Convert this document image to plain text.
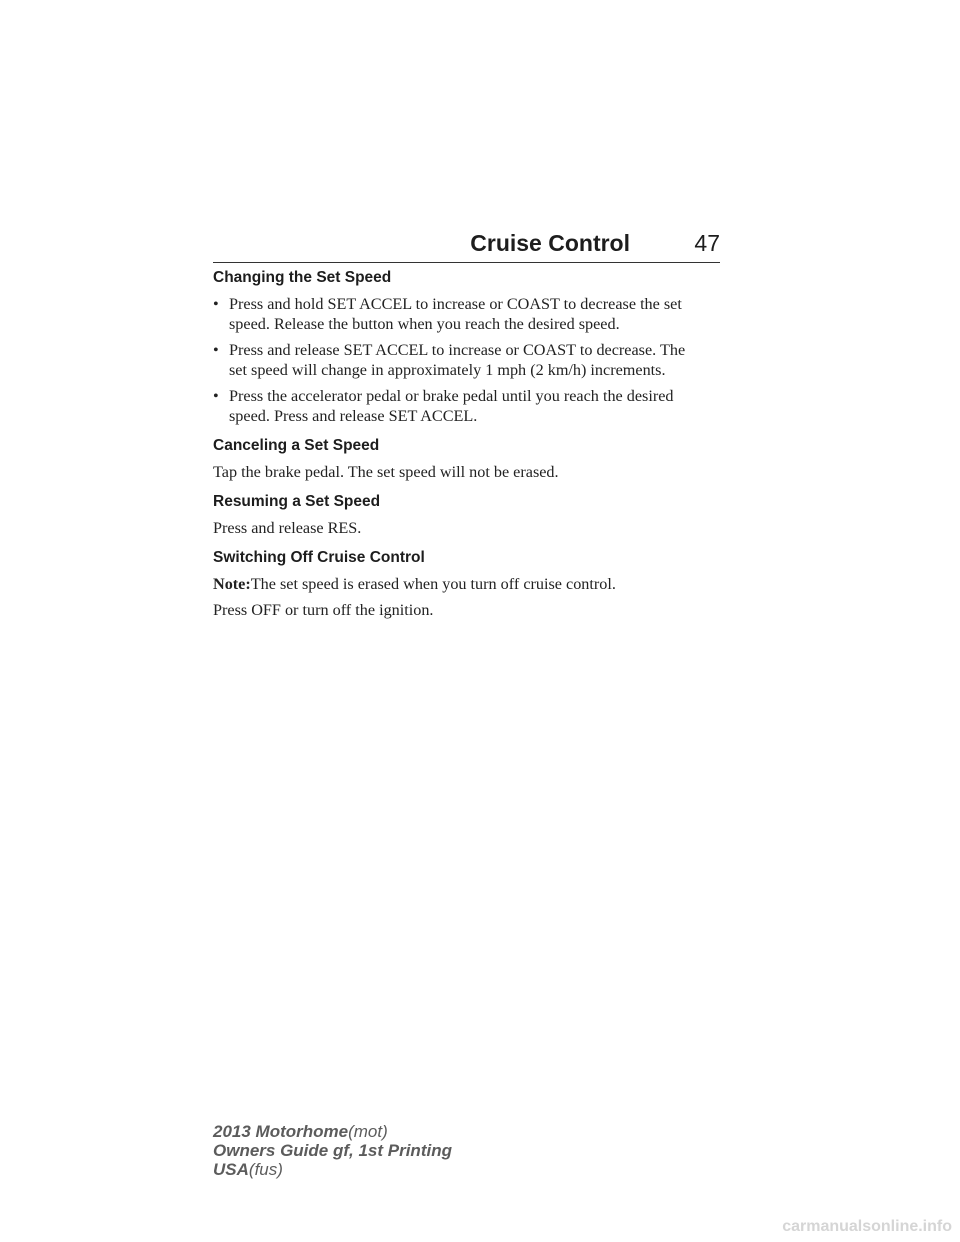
Cruise Control	47
Changing the Set Speed
• Press and hold SET ACCEL to increase or COAST to decrease the set
speed. Release the button when you reach the desired speed.
• Press and release SET ACCEL to increase or COAST to decrease. The
set speed will change in approximately 1 mph (2 km/h) increments.
• Press the accelerator pedal or brake pedal until you reach the desired
speed. Press and release SET ACCEL.
Canceling a Set Speed

Tap the brake pedal. The set speed will not be erased.

Resuming a Set Speed

Press and release RES.

Switching Off Cruise Control

Note:The set speed is erased when you turn off cruise control.

Press OFF or turn off the ignition.

2013 Motorhome(mot)
Owners Guide gf, 1st Printing
USA(fus)
carmanualsonline.info
